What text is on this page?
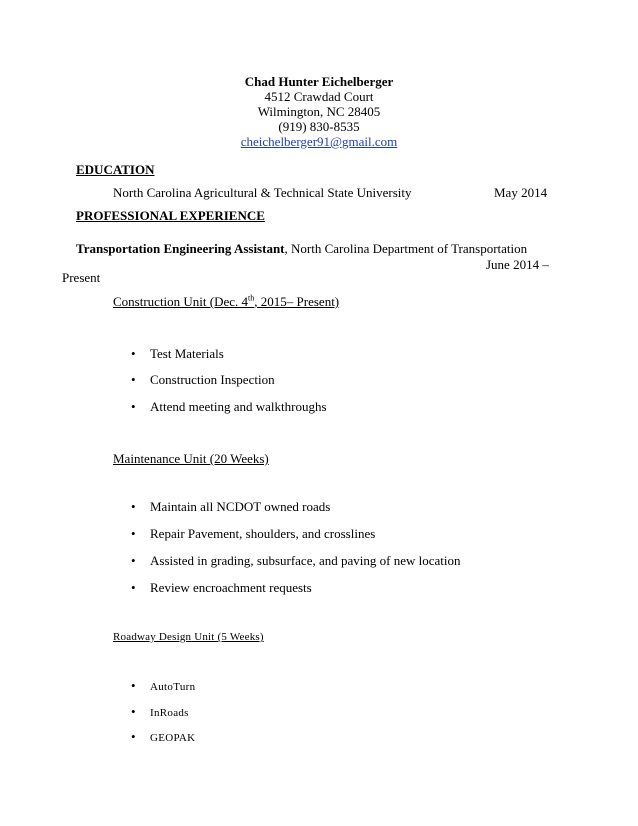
Chad Hunter Eichelberger
4512 Crawdad Court
Wilmington, NC 28405
(919) 830-8535
cheichelberger91@gmail.com
EDUCATION
North Carolina Agricultural & Technical State University	May 2014
PROFESSIONAL EXPERIENCE
Transportation Engineering Assistant, North Carolina Department of Transportation
June 2014 –
Present
Construction Unit (Dec. 4th, 2015– Present)
• Test Materials
• Construction Inspection
• Attend meeting and walkthroughs
Maintenance Unit (20 Weeks)
• Maintain all NCDOT owned roads
• Repair Pavement, shoulders, and crosslines
• Assisted in grading, subsurface, and paving of new location
• Review encroachment requests
Roadway Design Unit (5 Weeks)
• AutoTurn
• InRoads
• GEOPAK
